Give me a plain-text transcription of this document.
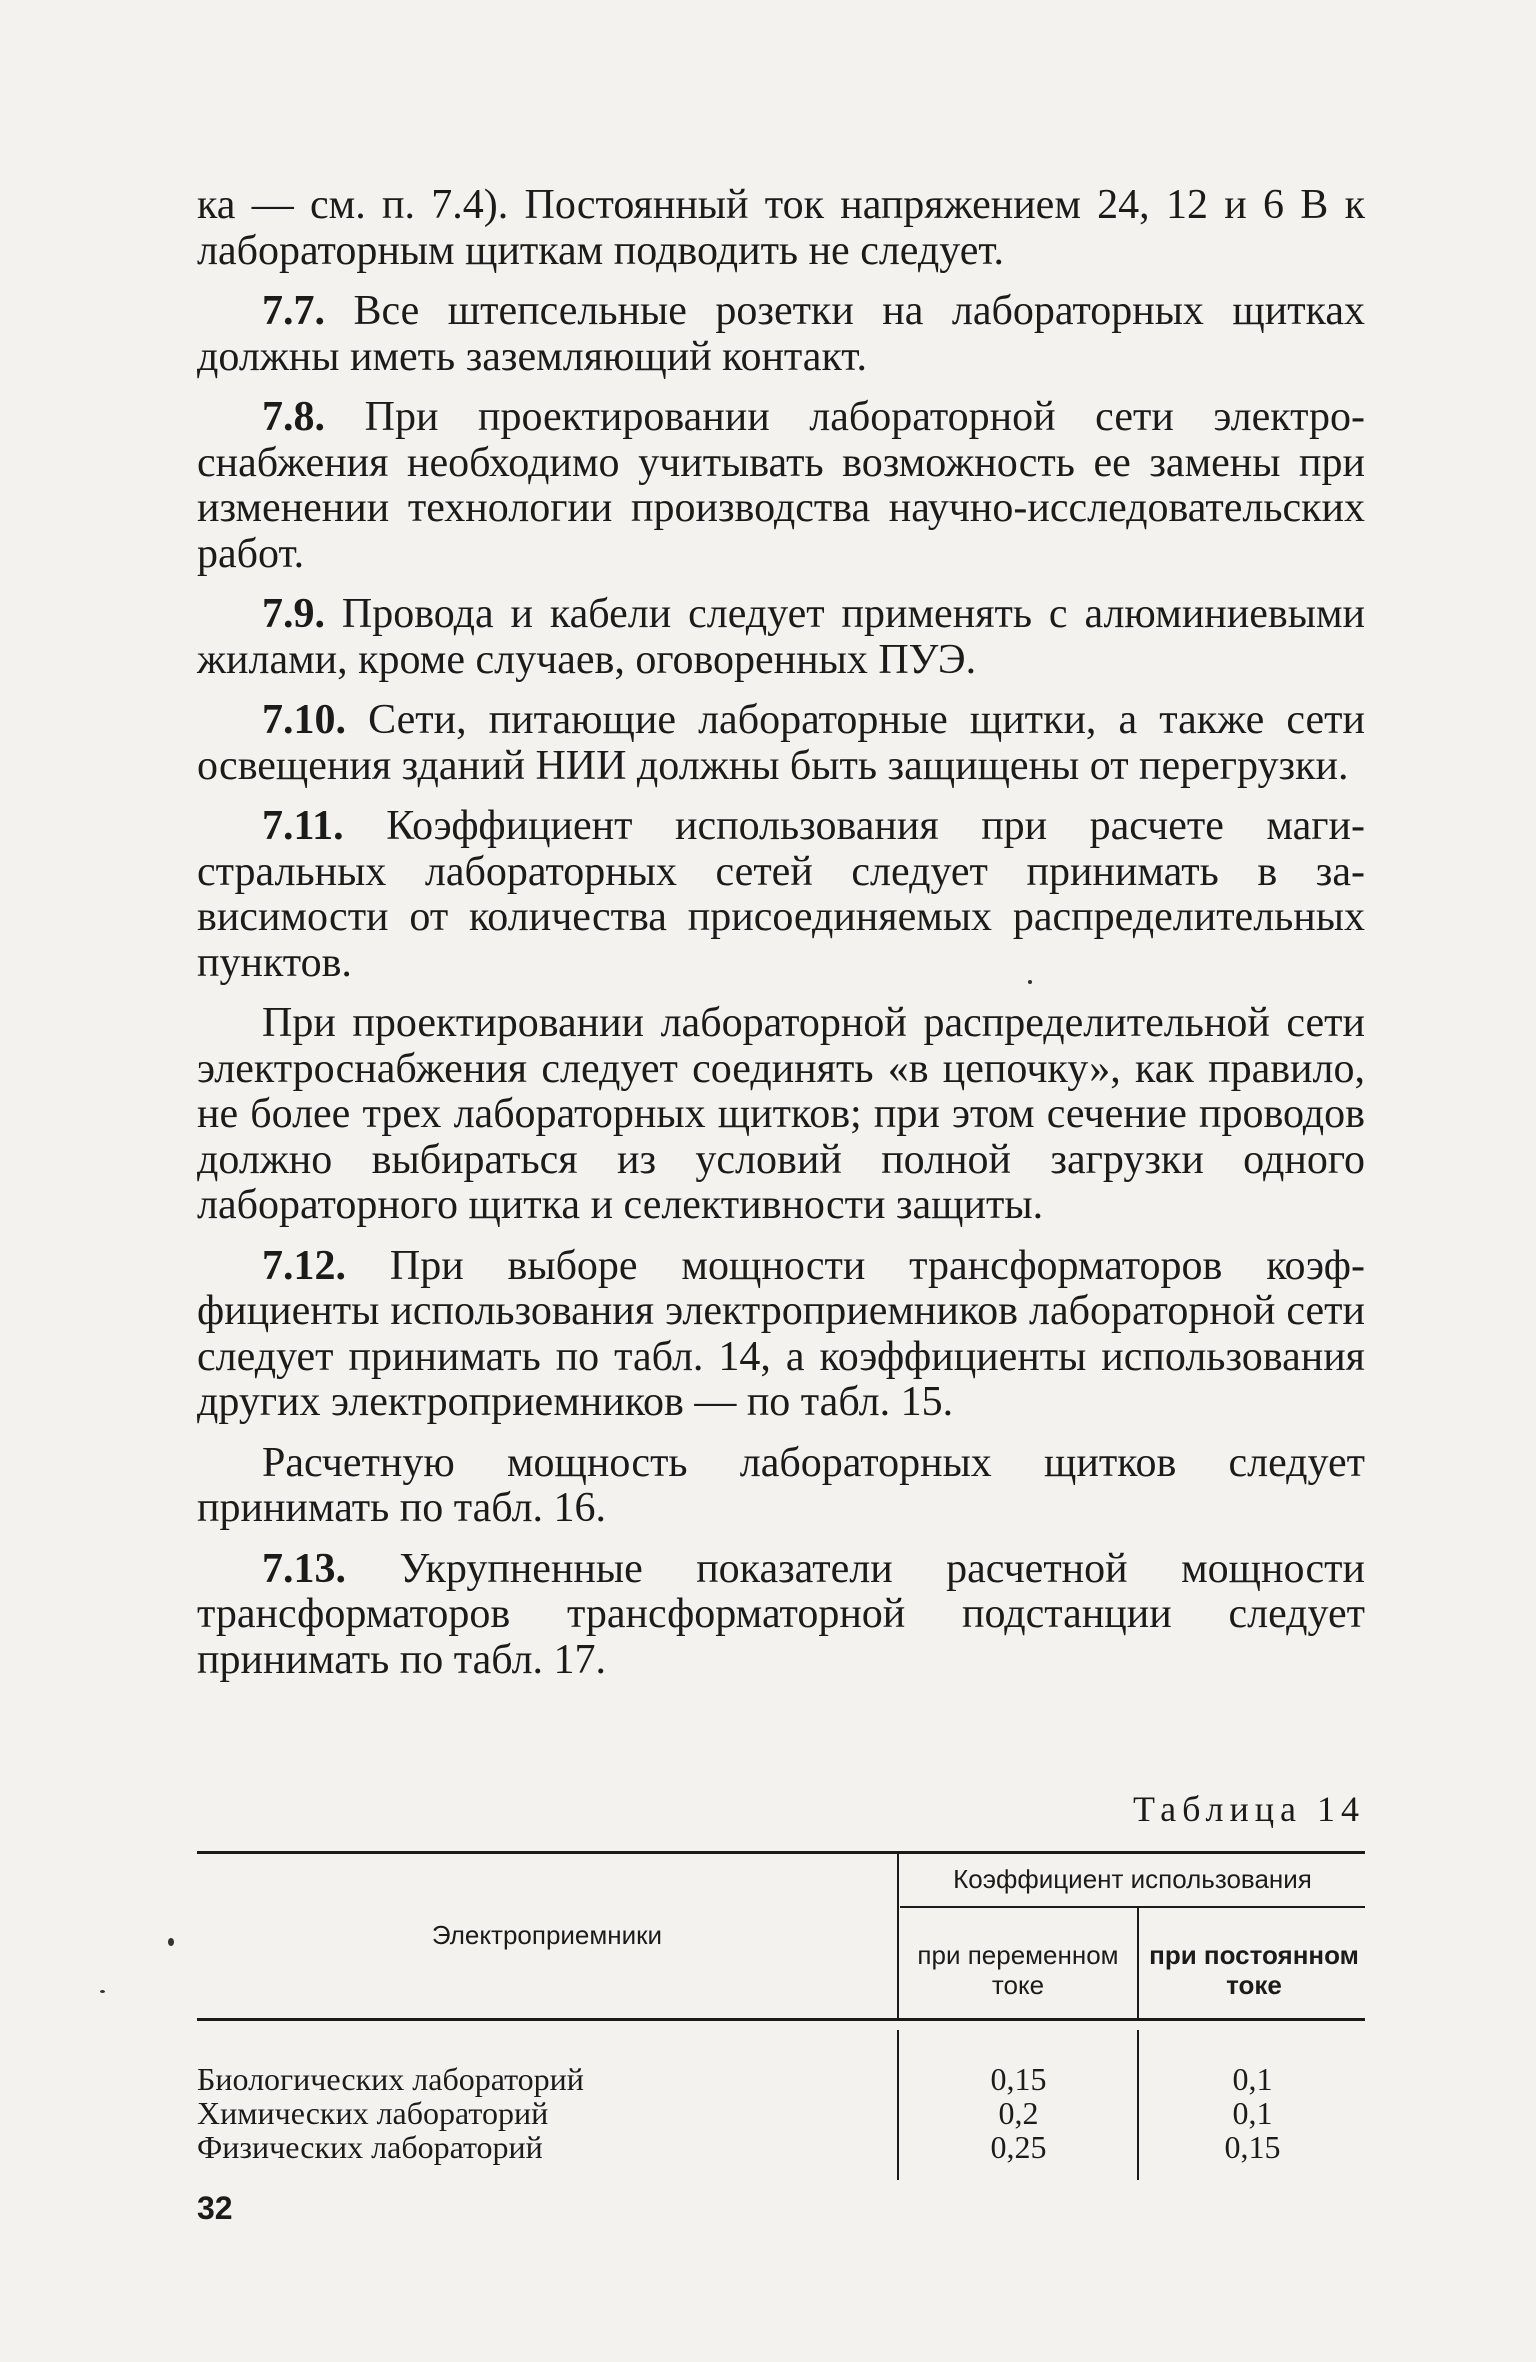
ка — см. п. 7.4). Постоянный ток напряжением 24, 12 и 6 В к лабораторным щиткам подводить не следует.

7.7. Все штепсельные розетки на лабораторных щитках должны иметь заземляющий контакт.

7.8. При проектировании лабораторной сети электроснабжения необходимо учитывать возможность ее замены при изменении технологии производства научно-исследовательских работ.

7.9. Провода и кабели следует применять с алюминиевыми жилами, кроме случаев, оговоренных ПУЭ.

7.10. Сети, питающие лабораторные щитки, а также сети освещения зданий НИИ должны быть защищены от перегрузки.

7.11. Коэффициент использования при расчете магистральных лабораторных сетей следует принимать в зависимости от количества присоединяемых распределительных пунктов.

При проектировании лабораторной распределительной сети электроснабжения следует соединять «в цепочку», как правило, не более трех лабораторных щитков; при этом сечение проводов должно выбираться из условий полной загрузки одного лабораторного щитка и селективности защиты.

7.12. При выборе мощности трансформаторов коэффициенты использования электроприемников лабораторной сети следует принимать по табл. 14, а коэффициенты использования других электроприемников — по табл. 15.

Расчетную мощность лабораторных щитков следует принимать по табл. 16.

7.13. Укрупненные показатели расчетной мощности трансформаторов трансформаторной подстанции следует принимать по табл. 17.

Таблица 14
Электроприемники
Коэффициент использования
при переменном токе
при постоянном токе
Биологических лабораторий	0,15	0,1
Химических лабораторий	0,2	0,1
Физических лабораторий	0,25	0,15
32
